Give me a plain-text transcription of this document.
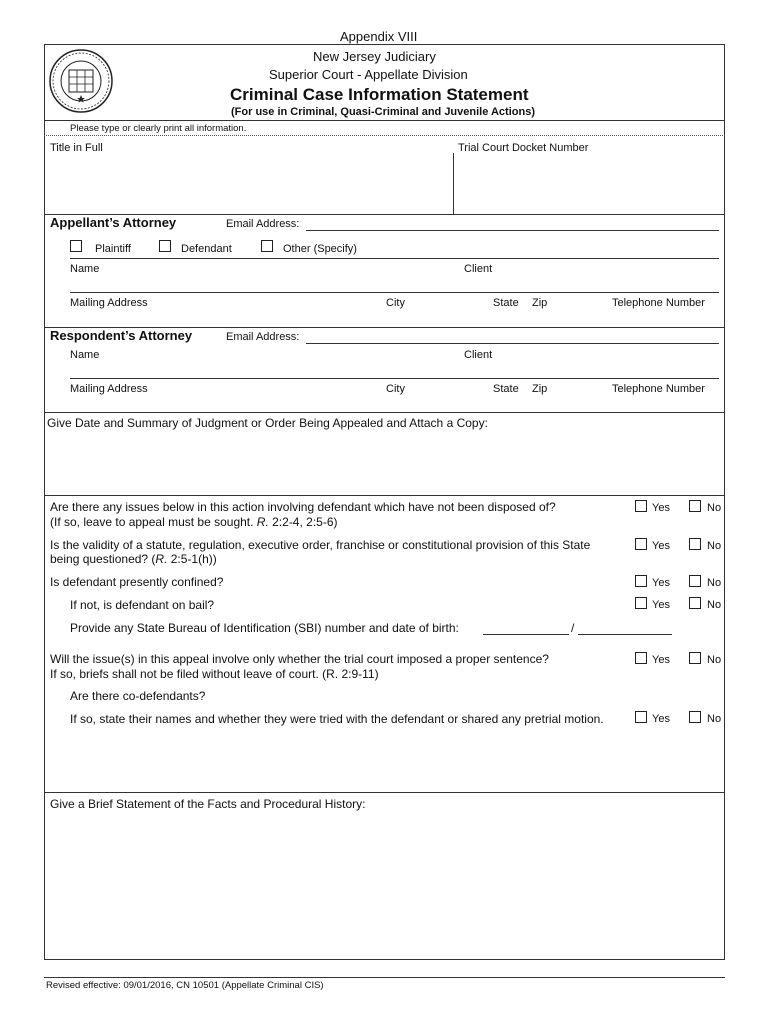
Appendix VIII
New Jersey Judiciary
Superior Court - Appellate Division
Criminal Case Information Statement
(For use in Criminal, Quasi-Criminal and Juvenile Actions)
Please type or clearly print all information.
Title in Full	Trial Court Docket Number
Appellant’s Attorney	Email Address:
Plaintiff	Defendant	Other (Specify)
Name	Client
Mailing Address	City	State Zip	Telephone Number
Respondent’s Attorney	Email Address:
Name	Client
Mailing Address	City	State Zip	Telephone Number
Give Date and Summary of Judgment or Order Being Appealed and Attach a Copy:
Are there any issues below in this action involving defendant which have not been disposed of?
(If so, leave to appeal must be sought. R. 2:2-4, 2:5-6)
Yes	No
Is the validity of a statute, regulation, executive order, franchise or constitutional provision of this State
being questioned? (R. 2:5-1(h))
Yes	No
Is defendant presently confined?	Yes	No
If not, is defendant on bail?	Yes	No
Provide any State Bureau of Identification (SBI) number and date of birth:	/
Will the issue(s) in this appeal involve only whether the trial court imposed a proper sentence?
If so, briefs shall not be filed without leave of court. (R. 2:9-11)
Yes	No
Are there co-defendants?
If so, state their names and whether they were tried with the defendant or shared any pretrial motion.	Yes	No
Give a Brief Statement of the Facts and Procedural History:
Revised effective: 09/01/2016, CN 10501 (Appellate Criminal CIS)
